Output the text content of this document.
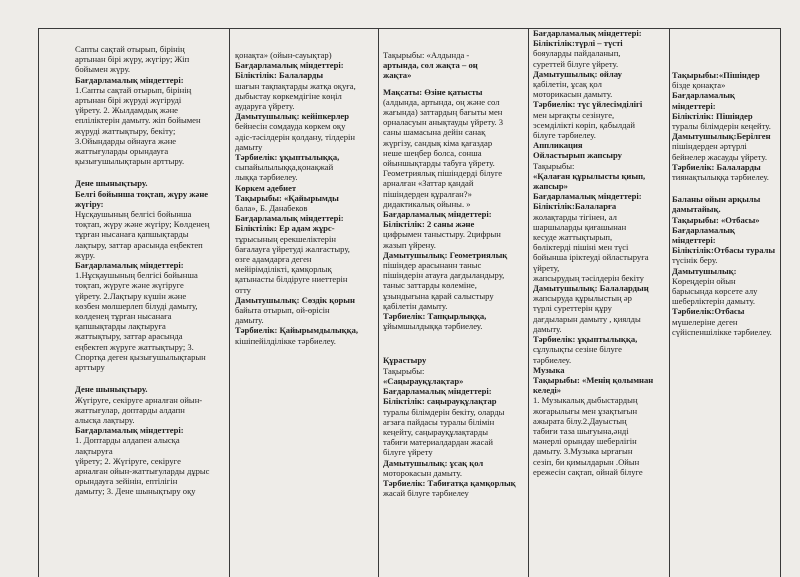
Сапты сақтай отырып, бірінің
артынан бірі жүру, жүгіру; Жіп
бойымен жүру.
Бағдарламалық міндеттері:
1.Сапты сақтай отырып, бірінің
артынан бірі жүруді жүгіруді
үйрету. 2. Жылдамдық және
епліліктерін дамыту. жіп бойымен
жүруді жаттықтыру, бекіту;
3.Ойындарды ойнауға және
жаттығуларды орындауға
қызығушылықтарын арттыру.
Дене шынықтыру.
Белгі бойынша тоқтап, жүру және
жүгіру:
Нұсқаушының белгісі бойынша
тоқтап, жүру және жүгіру; Көлденең
тұрған нысанаға қапшықтарды
лақтыру, заттар арасында еңбектеп
жүру.
Бағдарламалық міндеттері:
1.Нұсқаушының белгісі бойынша
тоқтап, жүруге және жүгіруге
үйрету. 2.Лақтыру күшін және
көзбен мөлшерлеп білуді дамыту,
көлденең тұрған нысанаға
қапшықтарды лақтыруға
жаттықтыру, заттар арасында
еңбектеп жүруге жаттықтыру; 3.
Спортқа деген қызығушылықтарын
арттыру
Дене шынықтыру.
Жүгіруге, секіруге арналған ойын-
жаттығулар, доптарды алдапн
алысқа лақтыру.
Бағдарламалық міндеттері:
1. Доптарды алдапен алысқа
лақтыруға
үйрету; 2. Жүгіруге, секіруге
арналған ойын-жаттығуларды дұрыс
орындауға зейінін, ептілігін
дамыту; 3. Дене шынықтыру оқу
қонақта» (ойын-сауықтар)
Бағдарламалық міндеттері:
Біліктілік: Балаларды
шағын тақпақтарды жатқа оқуға,
дыбыстау көркемдігіне көңіл
аударуға үйрету.
Дамытушылық: кейіпкерлер
бейнесін сомдауда көркем оқу
әдіс-тәсілдерін қолдану, тілдерін
дамыту
Тәрбиелік: ұқыптылыққа,
сыпайылылыққа,қонақжай
лыққа тәрбиелеу.
Көркем әдебиет
Тақырыбы: «Қайырымды
бала», Б. Данабеков
Бағдарламалық міндеттері:
Біліктілік: Ер адам жұрс-
тұрысының ерекшеліктерін
бағалауға үйретуді жалғастыру,
өзге адамдарға деген
мейірімділікті, қамқорлық
қатынасты білдіруге ниеттерін
отту
Дамытушылық: Сөздік қорын
байыта отырып, ой-өрісін
дамыту.
Тәрбиелік: Қайырымдылыққа,
кішіпейілділікке тәрбиелеу.
Тақырыбы: «Алдында -
артында, сол жақта – оң
жақта»
Мақсаты: Өзіне қатысты
(алдында, артында, оң және сол
жағында) заттардың бағыты мен
орналасуын анықтауды үйрету. 3
саны шамасына дейін санақ
жүргізу, сандық кіма қағаздар
неше шеңбер болса, сонша
ойыншықтарды табуға үйрету.
Геометриялық пішіндерді білуге
арналған «Заттар қандай
пішіндерден құралған?»
дидактикалық ойыны. »
Бағдарламалық міндеттері:
Біліктілік: 2 саны және
цифрымен таныстыру. 2цифрын
жазып үйрену.
Дамытушылық: Геометриялық
пішіндер арасынанн таныс
пішіндерін атауға дағдыландыру,
таныс заттарды көлеміне,
ұзындығына қарай салыстыру
қабілетін дамыту.
Тәрбиелік: Тапқырлыққа,
ұйымшылдыққа тәрбиелеу.
Құрастыру
Тақырыбы:
«Саңырауқұлақтар»
Бағдарламалық міндеттері:
Біліктілік: саңырауқұлақтар
туралы білімдерін бекіту, оларды
ағзаға пайдасы туралы білімін
кеңейту, саңырауқұлақтарды
табиғи материалдардан жасай
білуге үйрету
Дамытушылық: ұсақ қол
моторокасын дамыту.
Тәрбиелік: Табиғатқа қамқорлық
жасай білуге тәрбиелеу
Бағдарламалық міндеттері:
Біліктілік:түрлі – түсті
бояуларды пайдаланып,
суреттей білуге үйрету.
Дамытушылық: ойлау
қабілетін, ұсақ қол
моторикасын дамыту.
Тәрбиелік: түс үйлесімділігі
мен ырғақты сезінуге,
эсемділікті көріп, қабылдай
білуге тәрбиелеу.
Аппликация
Ойластырып жапсыру
Тақырыбы:
«Қалаған құрылысты қиып,
жапсыр»
Бағдарламалық міндеттері:
Біліктілік:Балаларға
жолақтарды тігінен, ал
шаршыларды қиғашынан
кесуде жаттықтырып,
бөліктерді пішіні мен түсі
бойынша іріктеуді ойластыруға
үйрету,
жапсырудың тәсілдерін бекіту
Дамытушылық: Балалардың
жапсыруда құрылыстың әр
түрлі суреттерін құру
дағдыларын дамыту , қиялды
дамыту.
Тәрбиелік: ұқыптылыққа,
сұлулықты сезіне білуге
тәрбиелеу.
Музыка
Тақырыбы: «Менің қолымнан
келеді»
1. Музыкалық дыбыстардың
жоғарылығы мен ұзақтығын
ажырата білу.2.Дауыстың
табиғи таза шығуына,әнді
мәнерлі орындау шеберлігін
дамыту. 3.Музыка ырғағын
сезіп, би қимылдарын .Ойын
ережесін сақтап, ойнай білуге
Тақырыбы:«Пішіндер
бізде қонақта»
Бағдарламалық
міндеттері:
Біліктілік: Пішіндер
туралы білімдерін кеңейту.
Дамытушылық:Берілген
пішіндерден әртүрлі
бейнелер жасауды үйрету.
Тәрбиелік: Балаларды
тиянақтылыққа тәрбиелеу.
Баланы ойын арқылы
дамытайық.
Тақырыбы: «Отбасы»
Бағдарламалық
міндеттері:
Біліктілік:Отбасы туралы
түсінік беру.
Дамытушылық:
Көреңдерін ойын
барысында көрсете алу
шеберліктерін дамыту.
Тәрбиелік:Отбасы
мүшелеріне деген
сүйіспеншілікке тәрбиелеу.
